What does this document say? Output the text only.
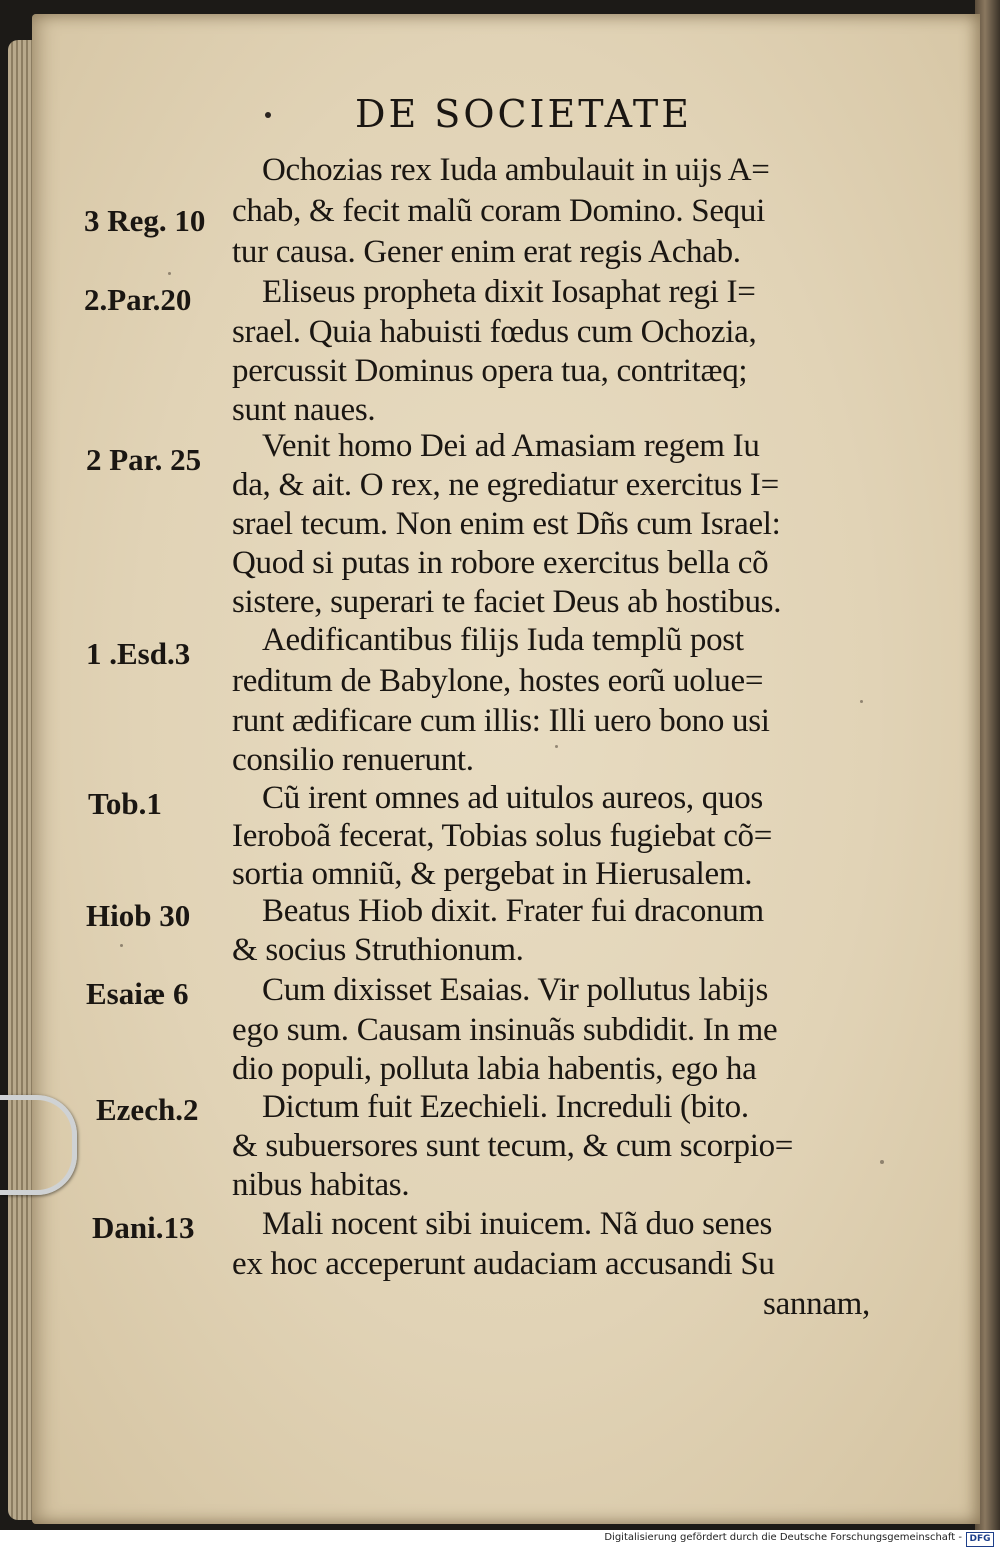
DE SOCIETATE
3 Reg. 10
2.Par.20
2 Par. 25
1 .Esd.3
Tob.1
Hiob 30
Esaiæ 6
Ezech.2
Dani.13
Ochozias rex Iuda ambulauit in uijs A=
chab, & fecit malũ coram Domino. Sequi
tur causa. Gener enim erat regis Achab.
Eliseus propheta dixit Iosaphat regi I=
srael. Quia habuisti fœdus cum Ochozia,
percussit Dominus opera tua, contritæq;
sunt naues.
Venit homo Dei ad Amasiam regem Iu
da, & ait. O rex, ne egrediatur exercitus I=
srael tecum. Non enim est Dñs cum Israel:
Quod si putas in robore exercitus bella cõ
sistere, superari te faciet Deus ab hostibus.
Aedificantibus filijs Iuda templũ post
reditum de Babylone, hostes eorũ uolue=
runt ædificare cum illis: Illi uero bono usi
consilio renuerunt.
Cũ irent omnes ad uitulos aureos, quos
Ieroboã fecerat, Tobias solus fugiebat cõ=
sortia omniũ, & pergebat in Hierusalem.
Beatus Hiob dixit. Frater fui draconum
& socius Struthionum.
Cum dixisset Esaias. Vir pollutus labijs
ego sum. Causam insinuãs subdidit. In me
dio populi, polluta labia habentis, ego ha
Dictum fuit Ezechieli. Increduli (bito.
& subuersores sunt tecum, & cum scorpio=
nibus habitas.
Mali nocent sibi inuicem. Nã duo senes
ex hoc acceperunt audaciam accusandi Su
sannam,
Digitalisierung gefördert durch die Deutsche Forschungsgemeinschaft - DFG
